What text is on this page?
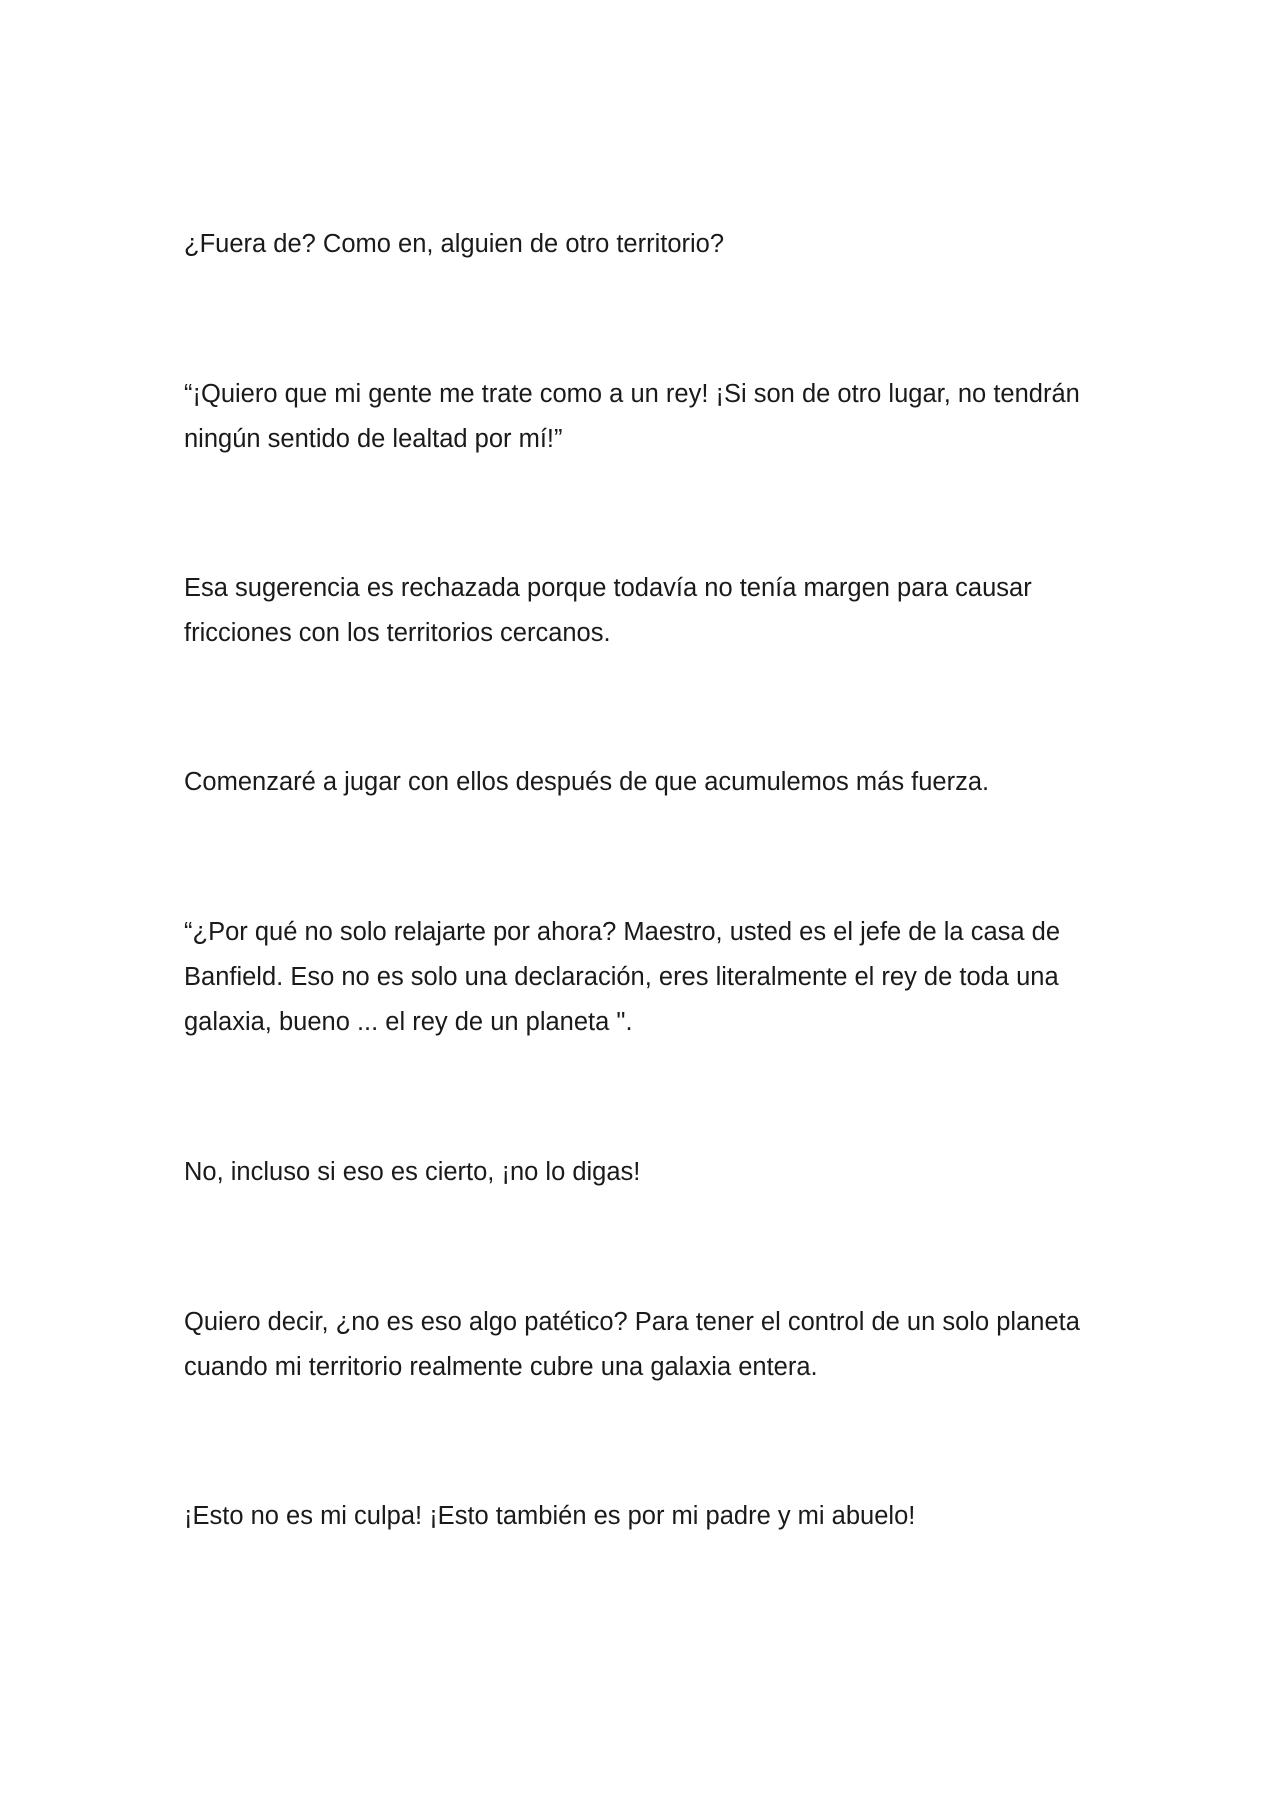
¿Fuera de? Como en, alguien de otro territorio?

“¡Quiero que mi gente me trate como a un rey! ¡Si son de otro lugar, no tendrán
ningún sentido de lealtad por mí!”

Esa sugerencia es rechazada porque todavía no tenía margen para causar
fricciones con los territorios cercanos.

Comenzaré a jugar con ellos después de que acumulemos más fuerza.

“¿Por qué no solo relajarte por ahora? Maestro, usted es el jefe de la casa de
Banfield. Eso no es solo una declaración, eres literalmente el rey de toda una
galaxia, bueno ... el rey de un planeta ".

No, incluso si eso es cierto, ¡no lo digas!

Quiero decir, ¿no es eso algo patético? Para tener el control de un solo planeta
cuando mi territorio realmente cubre una galaxia entera.

¡Esto no es mi culpa! ¡Esto también es por mi padre y mi abuelo!
